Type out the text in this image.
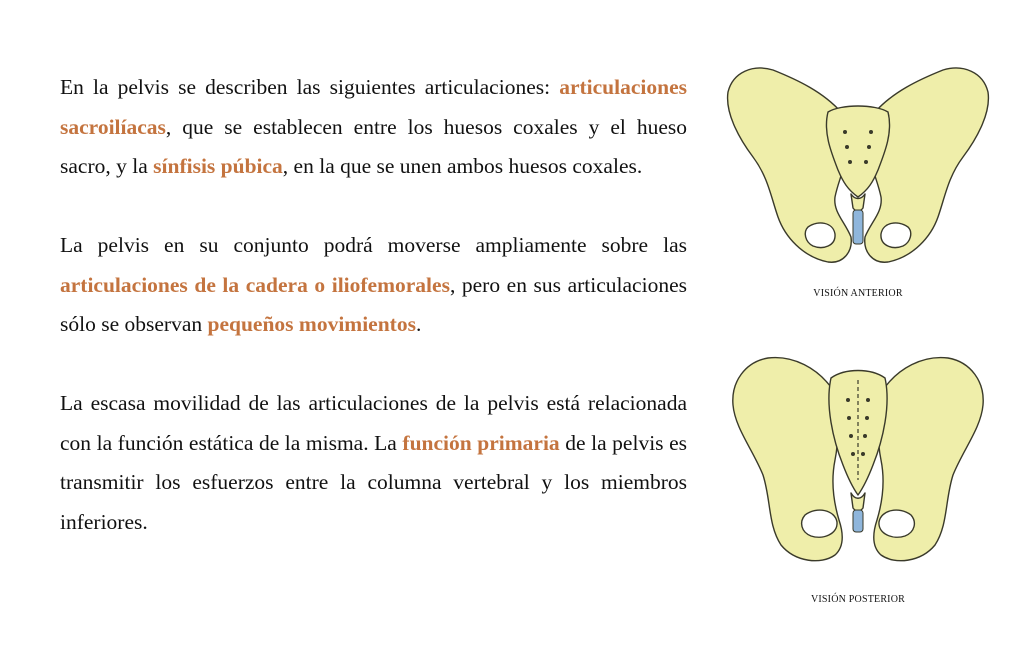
En la pelvis se describen las siguientes articulaciones: articulaciones sacroilíacas, que se establecen entre los huesos coxales y el hueso sacro, y la sínfisis púbica, en la que se unen ambos huesos coxales.

La pelvis en su conjunto podrá moverse ampliamente sobre las articulaciones de la cadera o iliofemorales, pero en sus articulaciones sólo se observan pequeños movimientos.

La escasa movilidad de las articulaciones de la pelvis está relacionada con la función estática de la misma. La función primaria de la pelvis es transmitir los esfuerzos entre la columna vertebral y los miembros inferiores.

VISIÓN ANTERIOR
VISIÓN POSTERIOR
